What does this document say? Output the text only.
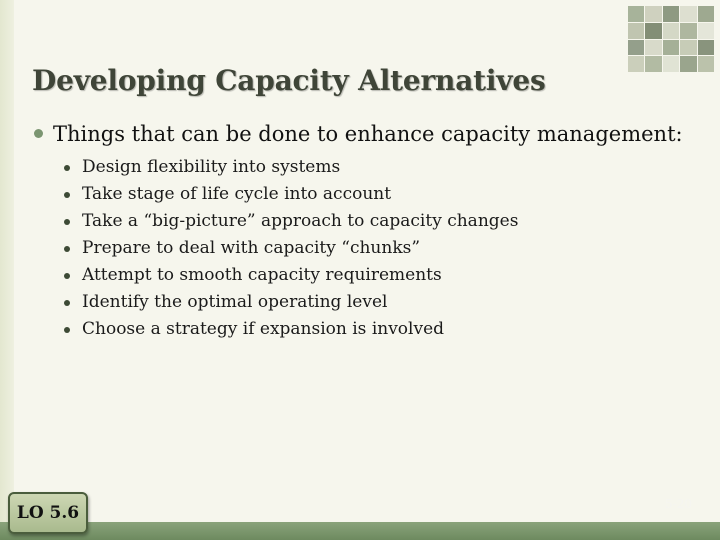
Developing Capacity Alternatives
Things that can be done to enhance capacity management:
Design flexibility into systems
Take stage of life cycle into account
Take a “big-picture” approach to capacity changes
Prepare to deal with capacity “chunks”
Attempt to smooth capacity requirements
Identify the optimal operating level
Choose a strategy if expansion is involved
LO 5.6	5-20
